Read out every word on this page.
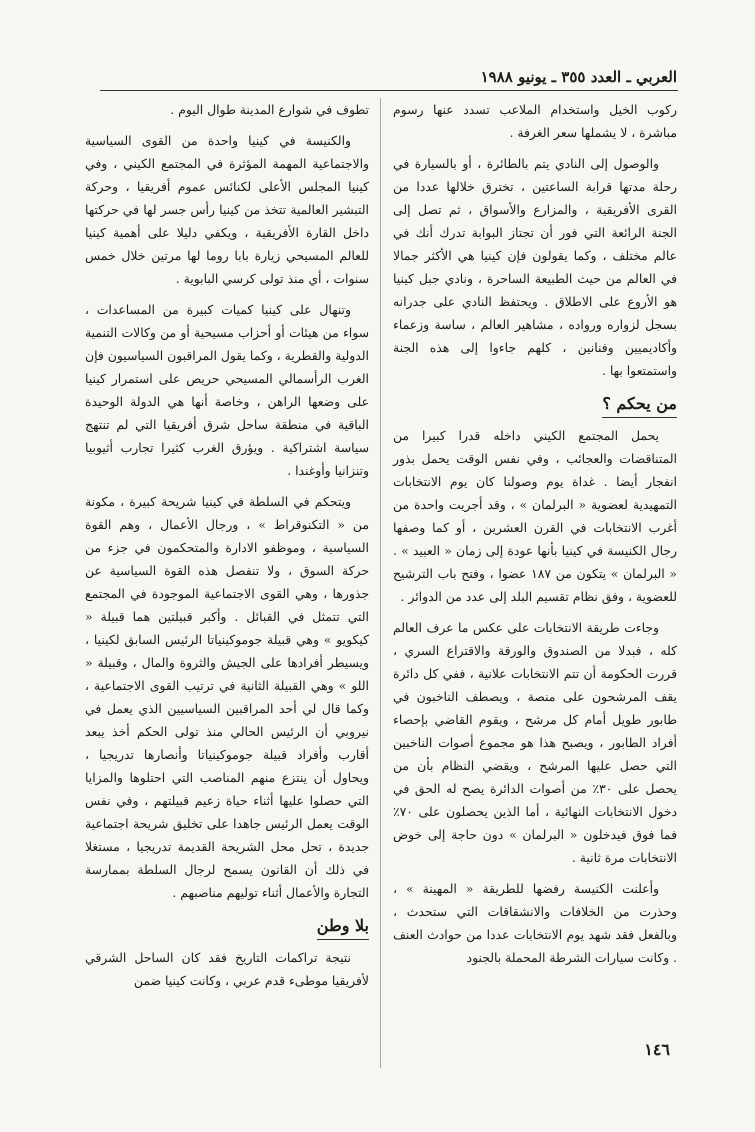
العربي ـ العدد ٣٥٥ ـ يونيو ١٩٨٨

ركوب الخيل واستخدام الملاعب تسدد عنها رسوم مباشرة ، لا يشملها سعر الغرفة .

والوصول إلى النادي يتم بالطائرة ، أو بالسيارة في رحلة مدتها قرابة الساعتين ، تخترق خلالها عددا من القرى الأفريقية ، والمزارع والأسواق ، ثم تصل إلى الجنة الرائعة التي فور أن تجتاز البوابة تدرك أنك في عالم مختلف ، وكما يقولون فإن كينيا هي الأكثر جمالا في العالم من حيث الطبيعة الساحرة ، ونادي جبل كينيا هو الأروع على الاطلاق . ويحتفظ النادي على جدرانه بسجل لزواره ورواده ، مشاهير العالم ، ساسة وزعماء وأكاديميين وفنانين ، كلهم جاءوا إلى هذه الجنة واستمتعوا بها .

من يحكم ؟

يحمل المجتمع الكيني داخله قدرا كبيرا من المتناقضات والعجائب ، وفي نفس الوقت يحمل بذور انفجار أيضا . غداة يوم وصولنا كان يوم الانتخابات التمهيدية لعضوية « البرلمان » ، وقد أجريت واحدة من أغرب الانتخابات في القرن العشرين ، أو كما وصفها رجال الكنيسة في كينيا بأنها عودة إلى زمان « العبيد » . « البرلمان » يتكون من ١٨٧ عضوا ، وفتح باب الترشيح للعضوية ، وفق نظام تقسيم البلد إلى عدد من الدوائر .

وجاءت طريقة الانتخابات على عكس ما عرف العالم كله ، فبدلا من الصندوق والورقة والاقتراع السري ، قررت الحكومة أن تتم الانتخابات علانية ، ففي كل دائرة يقف المرشحون على منصة ، ويصطف الناخبون في طابور طويل أمام كل مرشح ، ويقوم القاضي بإحصاء أفراد الطابور ، ويصبح هذا هو مجموع أصوات الناخبين التي حصل عليها المرشح ، ويقضي النظام بأن من يحصل على ٣٠٪ من أصوات الدائرة يصح له الحق في دخول الانتخابات النهائية ، أما الذين يحصلون على ٧٠٪ فما فوق فيدخلون « البرلمان » دون حاجة إلى خوض الانتخابات مرة ثانية .

وأعلنت الكنيسة رفضها للطريقة « المهينة » ، وحذرت من الخلافات والانشقاقات التي ستحدث ، وبالفعل فقد شهد يوم الانتخابات عددا من حوادث العنف . وكانت سيارات الشرطة المحملة بالجنود

تطوف في شوارع المدينة طوال اليوم .

والكنيسة في كينيا واحدة من القوى السياسية والاجتماعية المهمة المؤثرة في المجتمع الكيني ، وفي كينيا المجلس الأعلى لكنائس عموم أفريقيا ، وحركة التبشير العالمية تتخذ من كينيا رأس جسر لها في حركتها داخل القارة الأفريقية ، ويكفي دليلا على أهمية كينيا للعالم المسيحي زيارة بابا روما لها مرتين خلال خمس سنوات ، أي منذ تولى كرسي البابوية .

وتنهال على كينيا كميات كبيرة من المساعدات ، سواء من هيئات أو أحزاب مسيحية أو من وكالات التنمية الدولية والقطرية ، وكما يقول المراقبون السياسيون فإن الغرب الرأسمالي المسيحي حريص على استمرار كينيا على وضعها الراهن ، وخاصة أنها هي الدولة الوحيدة الباقية في منطقة ساحل شرق أفريقيا التي لم تنتهج سياسة اشتراكية . ويؤرق الغرب كثيرا تجارب أثيوبيا وتنزانيا وأوغندا .

ويتحكم في السلطة في كينيا شريحة كبيرة ، مكونة من « التكنوقراط » ، ورجال الأعمال ، وهم القوة السياسية ، وموظفو الادارة والمتحكمون في جزء من حركة السوق ، ولا تنفصل هذه القوة السياسية عن جذورها ، وهي القوى الاجتماعية الموجودة في المجتمع التي تتمثل في القبائل . وأكبر قبيلتين هما قبيلة « كيكويو » وهي قبيلة جوموكينياتا الرئيس السابق لكينيا ، ويسيطر أفرادها على الجيش والثروة والمال ، وقبيلة « اللو » وهي القبيلة الثانية في ترتيب القوى الاجتماعية ، وكما قال لي أحد المراقبين السياسيين الذي يعمل في نيروبي أن الرئيس الحالي منذ تولى الحكم أخذ يبعد أقارب وأفراد قبيلة جوموكينياتا وأنصارها تدريجيا ، ويحاول أن ينتزع منهم المناصب التي احتلوها والمزايا التي حصلوا عليها أثناء حياة زعيم قبيلتهم ، وفي نفس الوقت يعمل الرئيس جاهدا على تخليق شريحة اجتماعية جديدة ، تحل محل الشريحة القديمة تدريجيا ، مستغلا في ذلك أن القانون يسمح لرجال السلطة بممارسة التجارة والأعمال أثناء توليهم مناصبهم .

بلا وطن

نتيجة تراكمات التاريخ فقد كان الساحل الشرقي لأفريقيا موطىء قدم عربي ، وكانت كينيا ضمن

١٤٦
